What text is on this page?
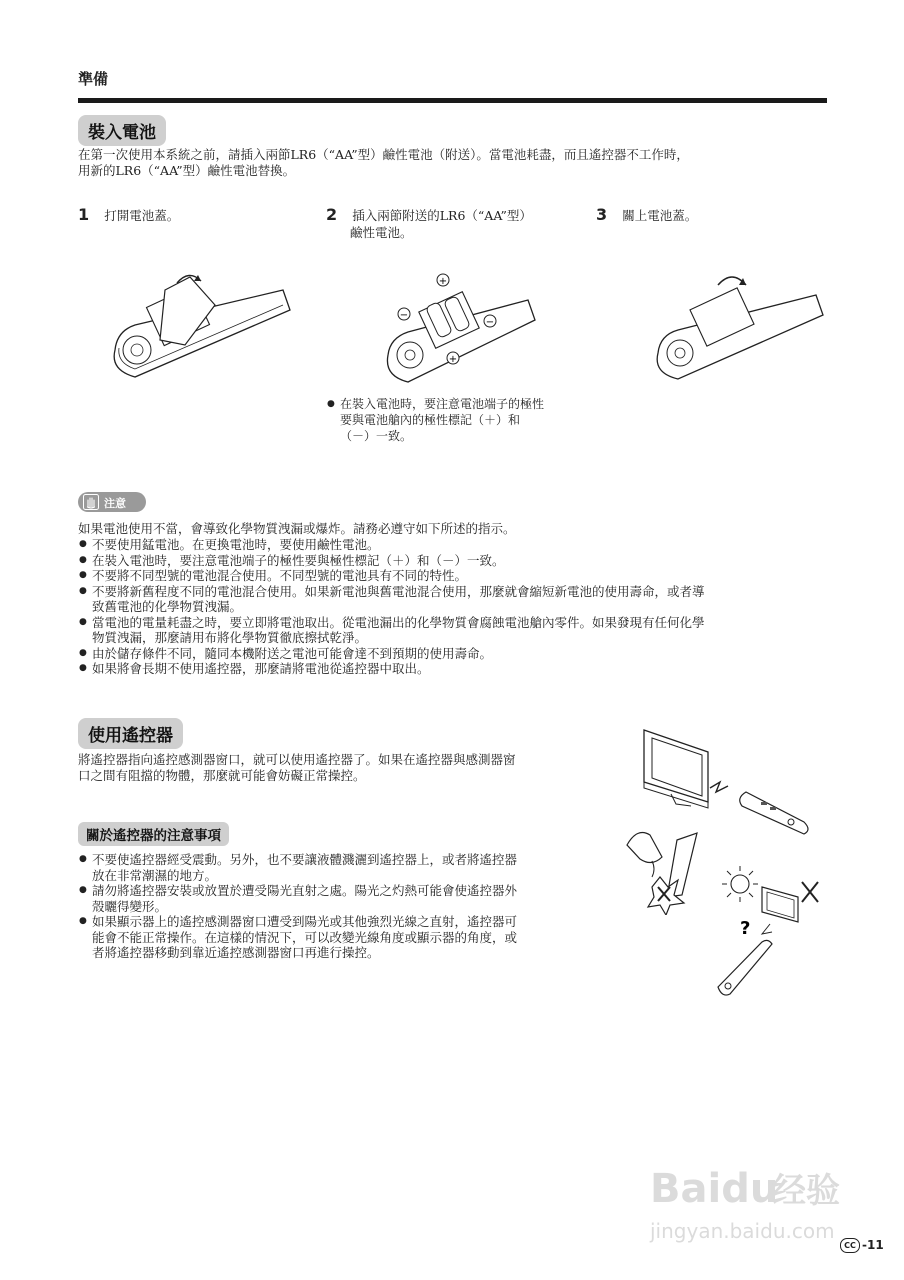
準備
裝入電池
在第一次使用本系統之前，請插入兩節LR6（“AA”型）鹼性電池（附送）。當電池耗盡，而且遙控器不工作時，
用新的LR6（“AA”型）鹼性電池替換。
1 打開電池蓋。	2 插入兩節附送的LR6（“AA”型）
鹼性電池。
3 關上電池蓋。
+
−
−
+
● 在裝入電池時，要注意電池端子的極性
要與電池艙內的極性標記（＋）和
（－）一致。
注意
如果電池使用不當，會導致化學物質洩漏或爆炸。請務必遵守如下所述的指示。
● 不要使用錳電池。在更換電池時，要使用鹼性電池。
● 在裝入電池時，要注意電池端子的極性要與極性標記（＋）和（－）一致。
● 不要將不同型號的電池混合使用。不同型號的電池具有不同的特性。
● 不要將新舊程度不同的電池混合使用。如果新電池與舊電池混合使用，那麼就會縮短新電池的使用壽命，或者導
致舊電池的化學物質洩漏。
● 當電池的電量耗盡之時，要立即將電池取出。從電池漏出的化學物質會腐蝕電池艙內零件。如果發現有任何化學
物質洩漏，那麼請用布將化學物質徹底擦拭乾淨。
● 由於儲存條件不同，隨同本機附送之電池可能會達不到預期的使用壽命。
● 如果將會長期不使用遙控器，那麼請將電池從遙控器中取出。
使用遙控器
將遙控器指向遙控感測器窗口，就可以使用遙控器了。如果在遙控器與感測器窗
口之間有阻擋的物體，那麼就可能會妨礙正常操控。
關於遙控器的注意事項
● 不要使遙控器經受震動。另外，也不要讓液體濺灑到遙控器上，或者將遙控器
放在非常潮濕的地方。
● 請勿將遙控器安裝或放置於遭受陽光直射之處。陽光之灼熱可能會使遙控器外
殼曬得變形。
● 如果顯示器上的遙控感測器窗口遭受到陽光或其他強烈光線之直射，遙控器可
能會不能正常操作。在這樣的情況下，可以改變光線角度或顯示器的角度，或
者將遙控器移動到靠近遙控感測器窗口再進行操控。
?
Baidu
经验
jingyan.baidu.com
CC -11
